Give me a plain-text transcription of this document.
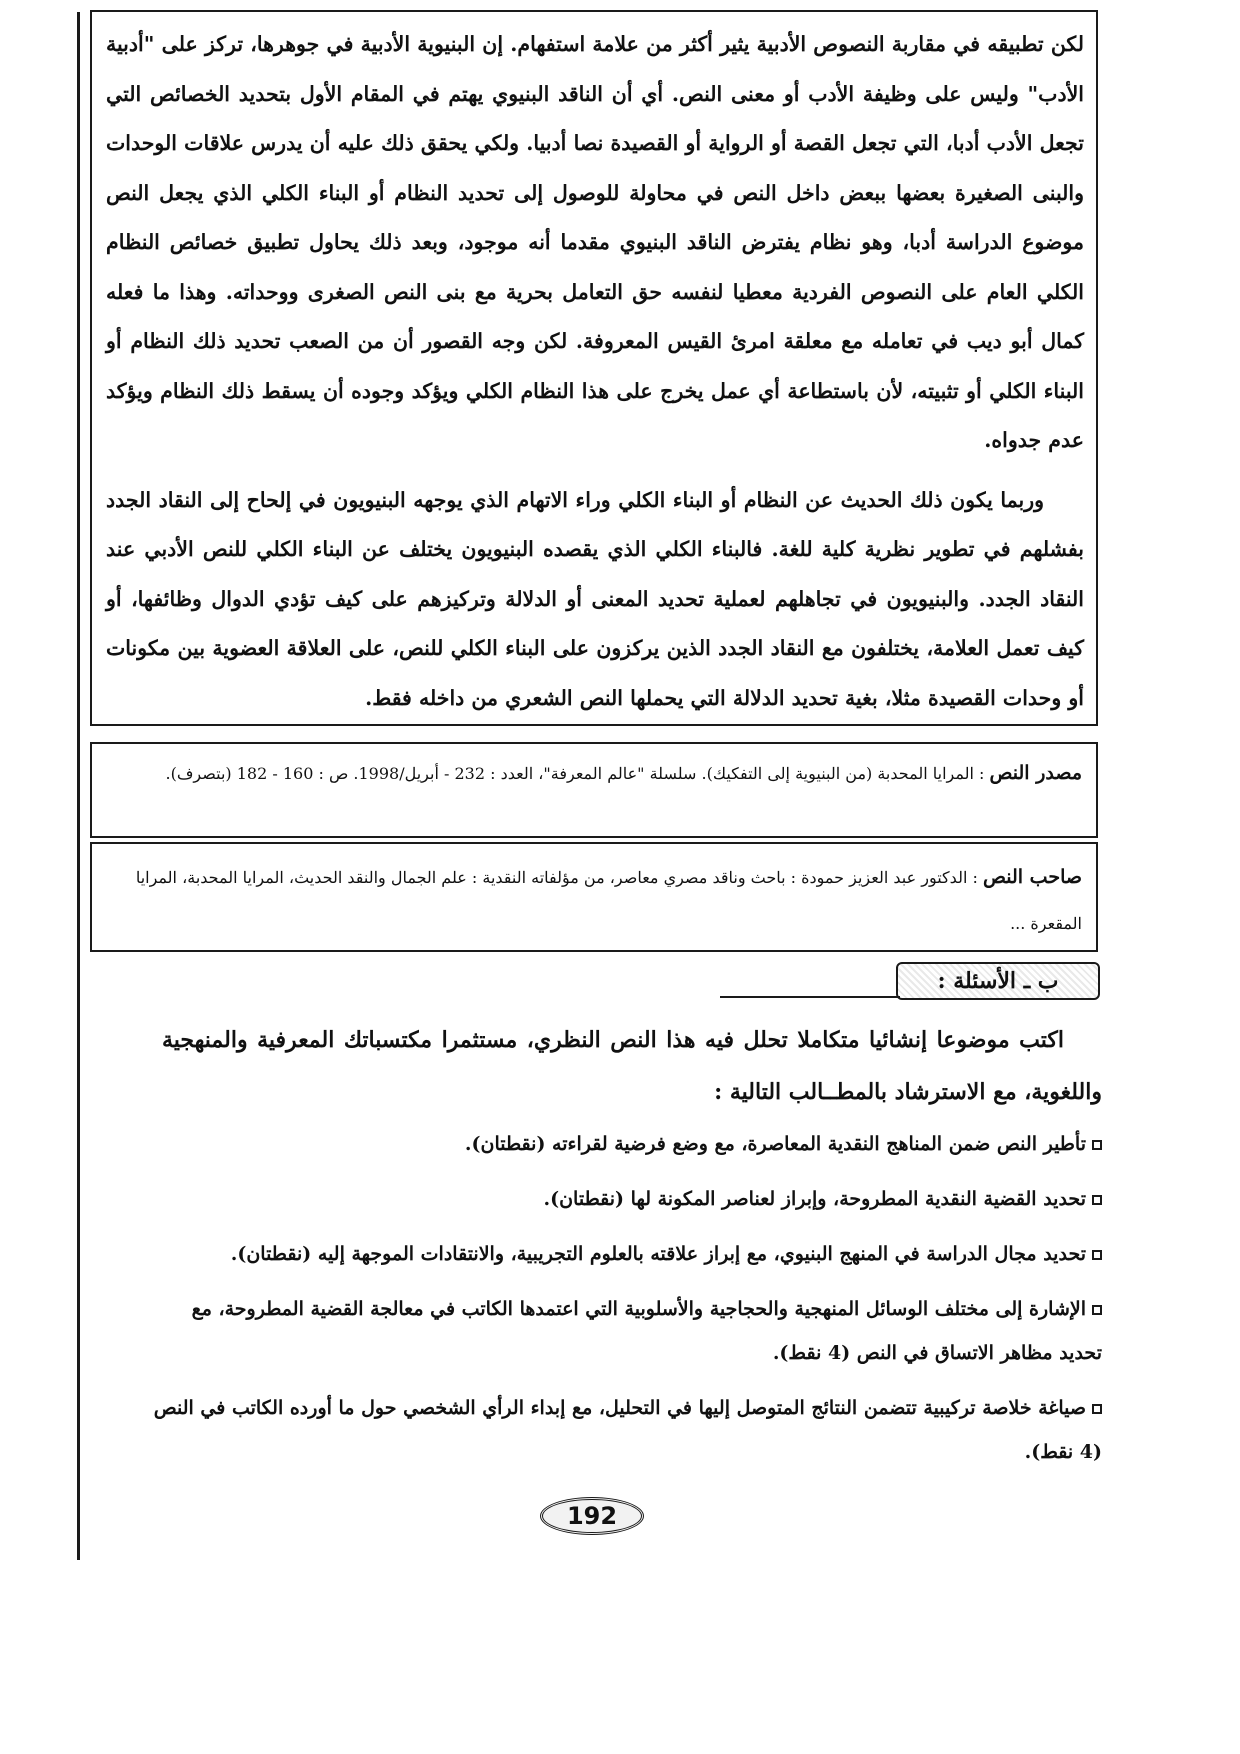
لكن تطبيقه في مقاربة النصوص الأدبية يثير أكثر من علامة استفهام. إن البنيوية الأدبية في جوهرها، تركز على "أدبية الأدب" وليس على وظيفة الأدب أو معنى النص. أي أن الناقد البنيوي يهتم في المقام الأول بتحديد الخصائص التي تجعل الأدب أدبا، التي تجعل القصة أو الرواية أو القصيدة نصا أدبيا. ولكي يحقق ذلك عليه أن يدرس علاقات الوحدات والبنى الصغيرة بعضها ببعض داخل النص في محاولة للوصول إلى تحديد النظام أو البناء الكلي الذي يجعل النص موضوع الدراسة أدبا، وهو نظام يفترض الناقد البنيوي مقدما أنه موجود، وبعد ذلك يحاول تطبيق خصائص النظام الكلي العام على النصوص الفردية معطيا لنفسه حق التعامل بحرية مع بنى النص الصغرى ووحداته. وهذا ما فعله كمال أبو ديب في تعامله مع معلقة امرئ القيس المعروفة. لكن وجه القصور أن من الصعب تحديد ذلك النظام أو البناء الكلي أو تثبيته، لأن باستطاعة أي عمل يخرج على هذا النظام الكلي ويؤكد وجوده أن يسقط ذلك النظام ويؤكد عدم جدواه.

وربما يكون ذلك الحديث عن النظام أو البناء الكلي وراء الاتهام الذي يوجهه البنيويون في إلحاح إلى النقاد الجدد بفشلهم في تطوير نظرية كلية للغة. فالبناء الكلي الذي يقصده البنيويون يختلف عن البناء الكلي للنص الأدبي عند النقاد الجدد. والبنيويون في تجاهلهم لعملية تحديد المعنى أو الدلالة وتركيزهم على كيف تؤدي الدوال وظائفها، أو كيف تعمل العلامة، يختلفون مع النقاد الجدد الذين يركزون على البناء الكلي للنص، على العلاقة العضوية بين مكونات أو وحدات القصيدة مثلا، بغية تحديد الدلالة التي يحملها النص الشعري من داخله فقط.

مصدر النص : المرايا المحدبة (من البنيوية إلى التفكيك). سلسلة "عالم المعرفة"، العدد : 232 - أبريل/1998. ص : 160 - 182 (بتصرف).
صاحب النص : الدكتور عبد العزيز حمودة : باحث وناقد مصري معاصر، من مؤلفاته النقدية : علم الجمال والنقد الحديث، المرايا المحدبة، المرايا المقعرة ...
ب ـ الأسئلة :
اكتب موضوعا إنشائيا متكاملا تحلل فيه هذا النص النظري، مستثمرا مكتسباتك المعرفية والمنهجية واللغوية، مع الاسترشاد بالمطــالب التالية :
تأطير النص ضمن المناهج النقدية المعاصرة، مع وضع فرضية لقراءته (نقطتان).
تحديد القضية النقدية المطروحة، وإبراز لعناصر المكونة لها (نقطتان).
تحديد مجال الدراسة في المنهج البنيوي، مع إبراز علاقته بالعلوم التجريبية، والانتقادات الموجهة إليه (نقطتان).
الإشارة إلى مختلف الوسائل المنهجية والحجاجية والأسلوبية التي اعتمدها الكاتب في معالجة القضية المطروحة، مع تحديد مظاهر الاتساق في النص (4 نقط).
صياغة خلاصة تركيبية تتضمن النتائج المتوصل إليها في التحليل، مع إبداء الرأي الشخصي حول ما أورده الكاتب في النص (4 نقط).
192
